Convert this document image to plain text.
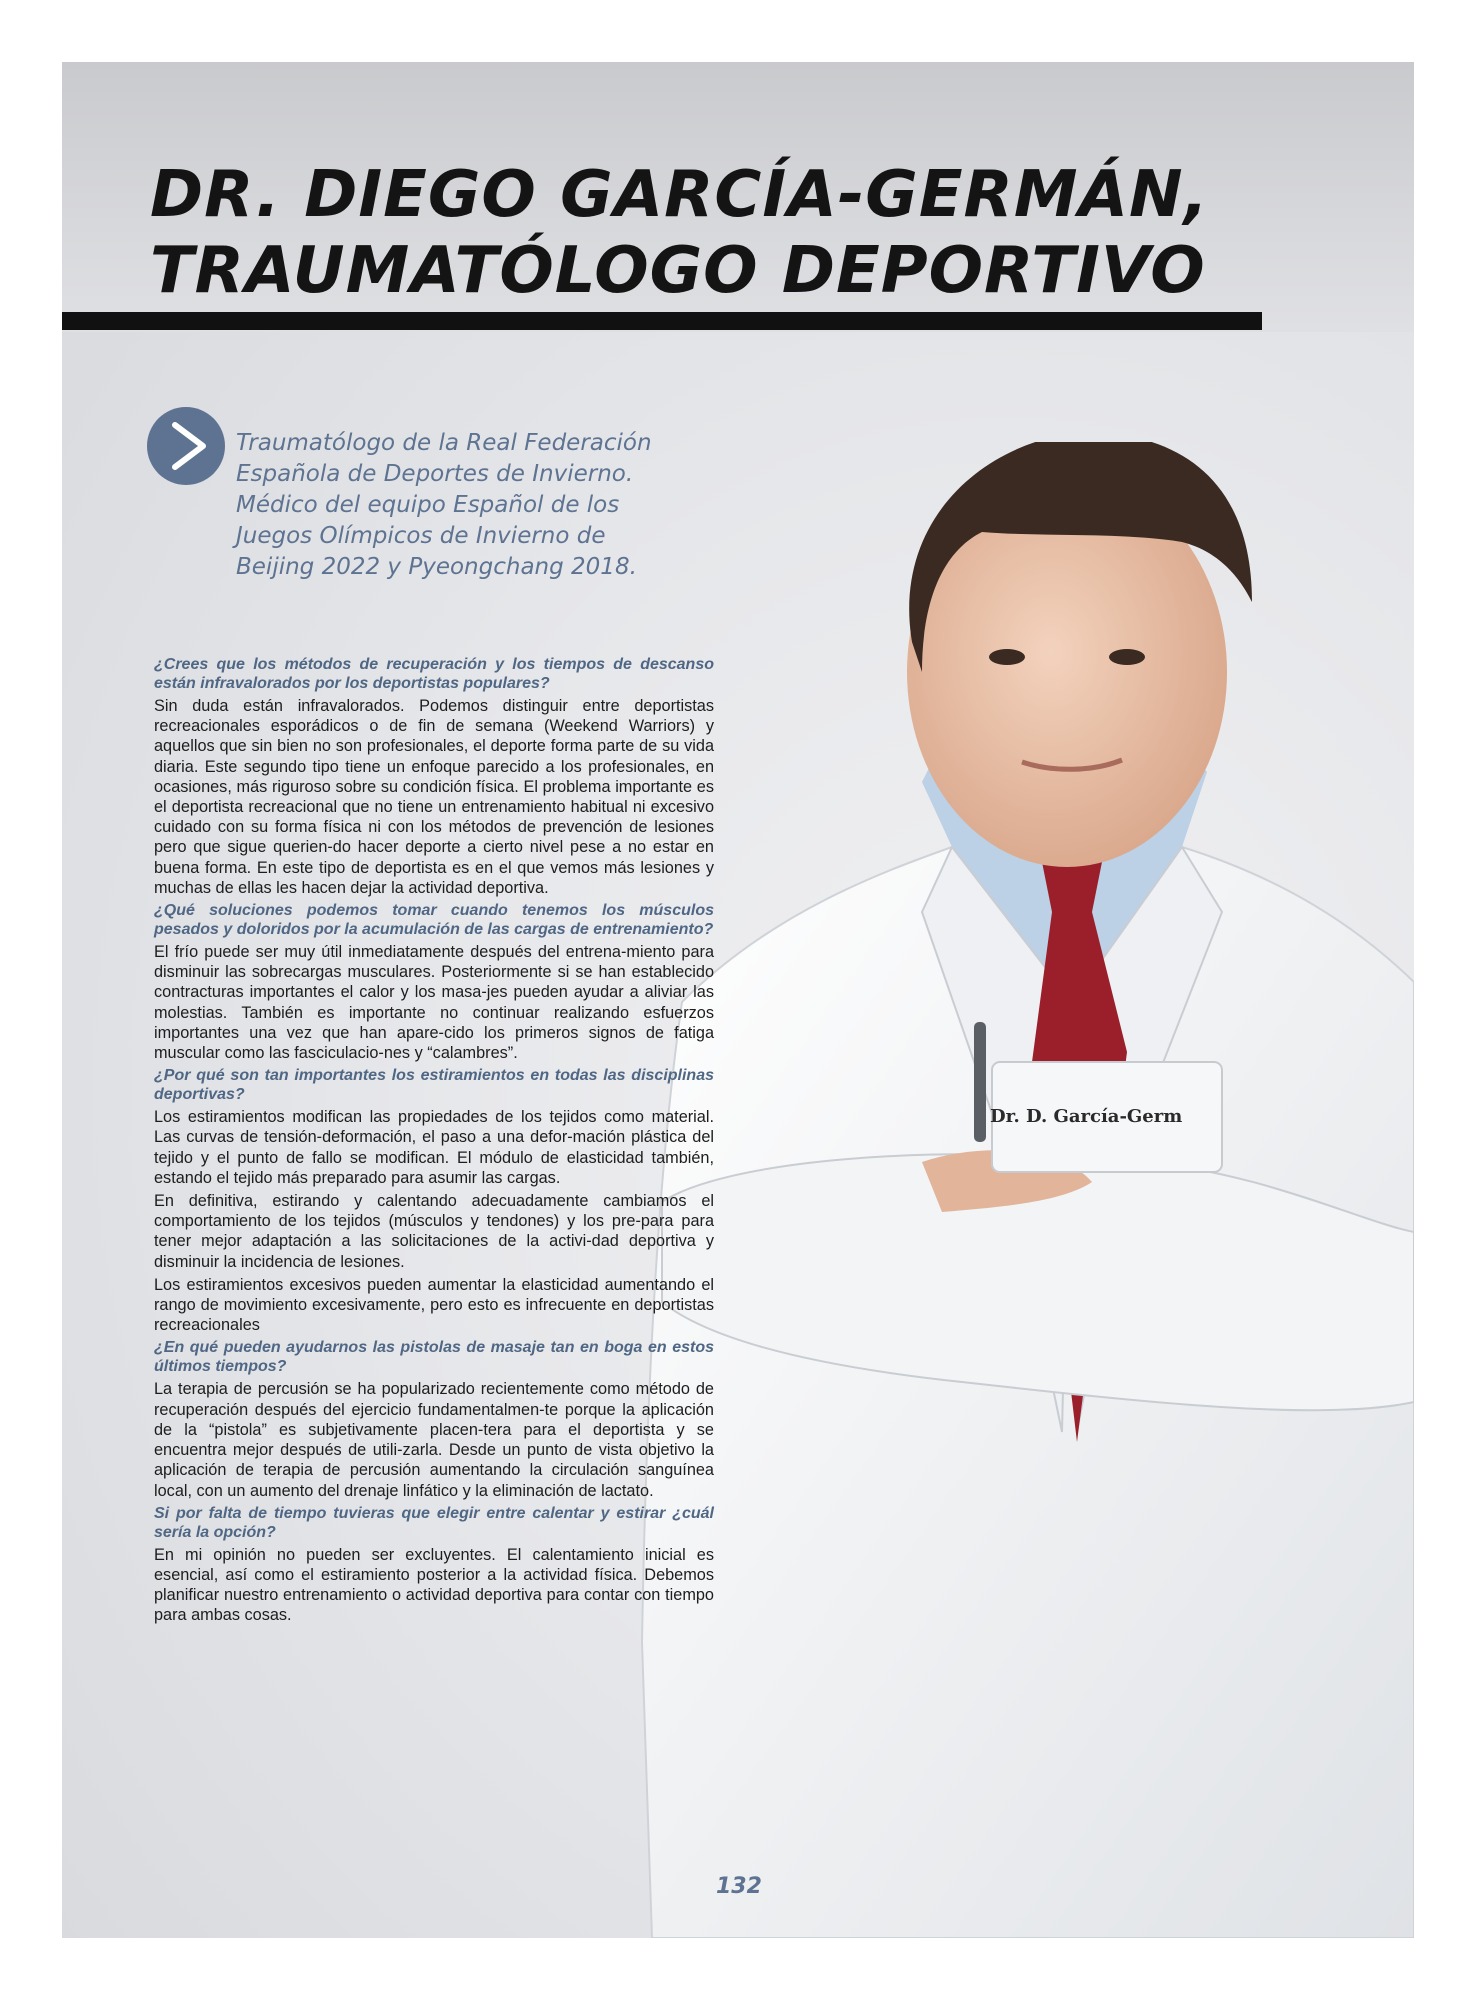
DR. DIEGO GARCÍA-GERMÁN,
TRAUMATÓLOGO DEPORTIVO
Dr. D. García-Germ

Traumatólogo de la Real Federación
Española de Deportes de Invierno.
Médico del equipo Español de los
Juegos Olímpicos de Invierno de
Beijing 2022 y Pyeongchang 2018.

¿Crees que los métodos de recuperación y los tiempos de descanso están infravalorados por los deportistas populares?

Sin duda están infravalorados. Podemos distinguir entre deportistas recreacionales esporádicos o de fin de semana (Weekend Warriors) y aquellos que sin bien no son profesionales, el deporte forma parte de su vida diaria. Este segundo tipo tiene un enfoque parecido a los profesionales, en ocasiones, más riguroso sobre su condición física. El problema importante es el deportista recreacional que no tiene un entrenamiento habitual ni excesivo cuidado con su forma física ni con los métodos de prevención de lesiones pero que sigue querien-do hacer deporte a cierto nivel pese a no estar en buena forma. En este tipo de deportista es en el que vemos más lesiones y muchas de ellas les hacen dejar la actividad deportiva.

¿Qué soluciones podemos tomar cuando tenemos los músculos pesados y doloridos por la acumulación de las cargas de entrenamiento?

El frío puede ser muy útil inmediatamente después del entrena-miento para disminuir las sobrecargas musculares. Posteriormente si se han establecido contracturas importantes el calor y los masa-jes pueden ayudar a aliviar las molestias. También es importante no continuar realizando esfuerzos importantes una vez que han apare-cido los primeros signos de fatiga muscular como las fasciculacio-nes y “calambres”.

¿Por qué son tan importantes los estiramientos en todas las disciplinas deportivas?

Los estiramientos modifican las propiedades de los tejidos como material. Las curvas de tensión-deformación, el paso a una defor-mación plástica del tejido y el punto de fallo se modifican. El módulo de elasticidad también, estando el tejido más preparado para asumir las cargas.

En definitiva, estirando y calentando adecuadamente cambiamos el comportamiento de los tejidos (músculos y tendones) y los pre-para para tener mejor adaptación a las solicitaciones de la activi-dad deportiva y disminuir la incidencia de lesiones.

Los estiramientos excesivos pueden aumentar la elasticidad aumentando el rango de movimiento excesivamente, pero esto es infrecuente en deportistas recreacionales

¿En qué pueden ayudarnos las pistolas de masaje tan en boga en estos últimos tiempos?

La terapia de percusión se ha popularizado recientemente como método de recuperación después del ejercicio fundamentalmen-te porque la aplicación de la “pistola” es subjetivamente placen-tera para el deportista y se encuentra mejor después de utili-zarla. Desde un punto de vista objetivo la aplicación de terapia de percusión aumentando la circulación sanguínea local, con un aumento del drenaje linfático y la eliminación de lactato.

Si por falta de tiempo tuvieras que elegir entre calentar y estirar ¿cuál sería la opción?

En mi opinión no pueden ser excluyentes. El calentamiento inicial es esencial, así como el estiramiento posterior a la actividad física. Debemos planificar nuestro entrenamiento o actividad deportiva para contar con tiempo para ambas cosas.

132
